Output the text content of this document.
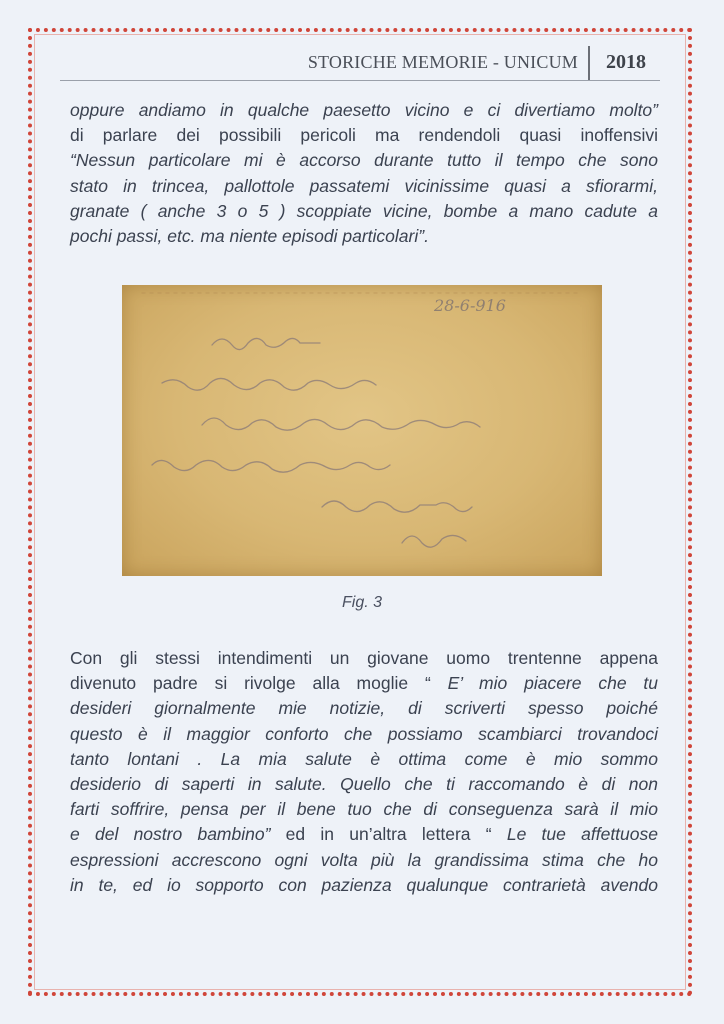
STORICHE MEMORIE - UNICUM 2018
oppure andiamo in qualche paesetto vicino e ci divertiamo molto”
di parlare dei possibili pericoli ma rendendoli quasi inoffensivi
“Nessun particolare mi è accorso durante tutto il tempo che sono
stato in trincea, pallottole passatemi vicinissime quasi a sfiorarmi,
granate ( anche 3 o 5 ) scoppiate vicine, bombe a mano cadute a
pochi passi, etc. ma niente episodi particolari”.
28-6-916
Fig. 3
Con gli stessi intendimenti un giovane uomo trentenne appena
divenuto padre si rivolge alla moglie “ E’ mio piacere che tu
desideri giornalmente mie notizie, di scriverti spesso poiché
questo è il maggior conforto che possiamo scambiarci trovandoci
tanto lontani . La mia salute è ottima come è mio sommo
desiderio di saperti in salute. Quello che ti raccomando è di non
farti soffrire, pensa per il bene tuo che di conseguenza sarà il mio
e del nostro bambino” ed in un’altra lettera “ Le tue affettuose
espressioni accrescono ogni volta più la grandissima stima che ho
in te, ed io sopporto con pazienza qualunque contrarietà avendo
